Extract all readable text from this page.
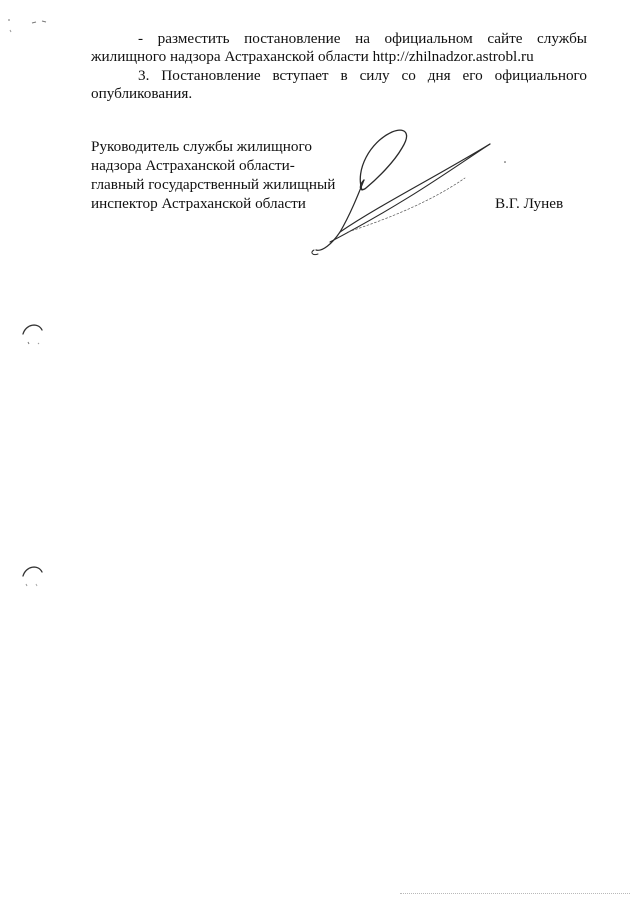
- разместить постановление на официальном сайте службы
жилищного надзора Астраханской области http://zhilnadzor.astrobl.ru
3. Постановление вступает в силу со дня его официального
опубликования.
Руководитель службы жилищного
надзора Астраханской области-
главный государственный жилищный
инспектор Астраханской области	В.Г. Лунев
